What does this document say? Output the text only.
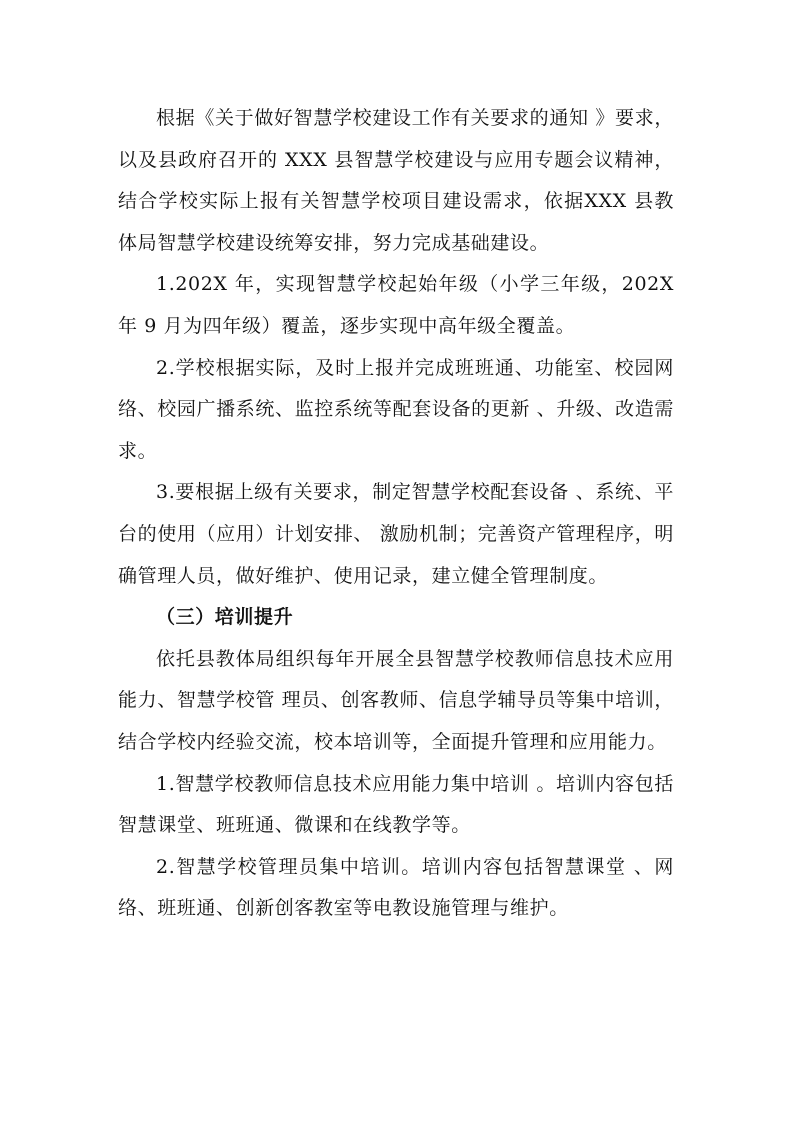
根据《关于做好智慧学校建设工作有关要求的通知 》要求，以及县政府召开的 XXX 县智慧学校建设与应用专题会议精神，结合学校实际上报有关智慧学校项目建设需求，依据XXX 县教体局智慧学校建设统筹安排，努力完成基础建设。

1.202X 年，实现智慧学校起始年级（小学三年级，202X 年 9 月为四年级）覆盖，逐步实现中高年级全覆盖。

2.学校根据实际，及时上报并完成班班通、功能室、校园网络、校园广播系统、监控系统等配套设备的更新 、升级、改造需求。

3.要根据上级有关要求，制定智慧学校配套设备 、系统、平台的使用（应用）计划安排、 激励机制；完善资产管理程序，明确管理人员，做好维护、使用记录，建立健全管理制度。

（三）培训提升

依托县教体局组织每年开展全县智慧学校教师信息技术应用能力、智慧学校管 理员、创客教师、信息学辅导员等集中培训，结合学校内经验交流，校本培训等，全面提升管理和应用能力。

1.智慧学校教师信息技术应用能力集中培训 。培训内容包括智慧课堂、班班通、微课和在线教学等。

2.智慧学校管理员集中培训。培训内容包括智慧课堂 、网络、班班通、创新创客教室等电教设施管理与维护。
